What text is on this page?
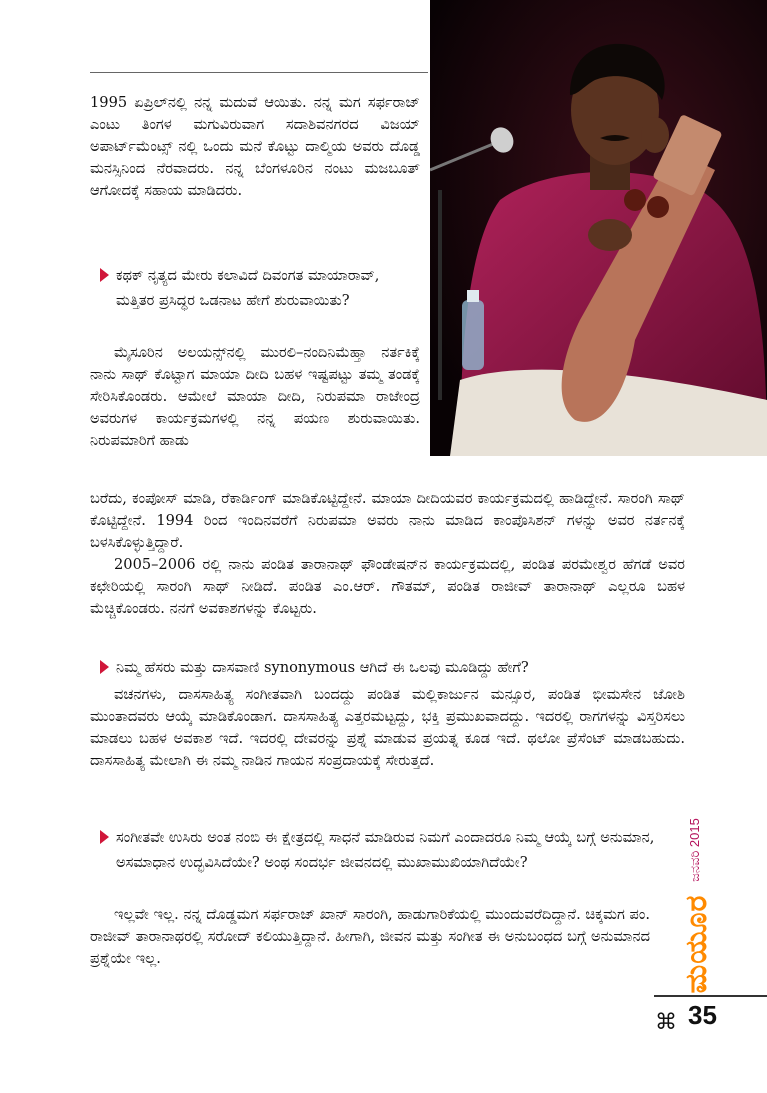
1995 ಏಪ್ರಿಲ್‌ನಲ್ಲಿ ನನ್ನ ಮದುವೆ ಆಯಿತು. ನನ್ನ ಮಗ ಸರ್ಫರಾಜ್ ಎಂಟು ತಿಂಗಳ ಮಗುವಿರುವಾಗ ಸದಾಶಿವನಗರದ ವಿಜಯ್ ಅಪಾರ್ಟ್‌ಮೆಂಟ್ಸ್ ನಲ್ಲಿ ಒಂದು ಮನೆ ಕೊಟ್ಟು ದಾಲ್ಮಿಯ ಅವರು ದೊಡ್ಡ ಮನಸ್ಸಿನಿಂದ ನೆರವಾದರು. ನನ್ನ ಬೆಂಗಳೂರಿನ ನಂಟು ಮಜಬೂತ್ ಆಗೋದಕ್ಕೆ ಸಹಾಯ ಮಾಡಿದರು.

ಕಥಕ್ ನೃತ್ಯದ ಮೇರು ಕಲಾವಿದೆ ದಿವಂಗತ ಮಾಯಾರಾವ್, ಮತ್ತಿತರ ಪ್ರಸಿದ್ಧರ ಒಡನಾಟ ಹೇಗೆ ಶುರುವಾಯಿತು?

ಮೈಸೂರಿನ ಅಲಯನ್ಸ್‌ನಲ್ಲಿ ಮುರಲಿ–ನಂದಿನಿಮೆಹ್ತಾ ನರ್ತಕಿಕ್ಕೆ ನಾನು ಸಾಥ್ ಕೊಟ್ಟಾಗ ಮಾಯಾ ದೀದಿ ಬಹಳ ಇಷ್ಟಪಟ್ಟು ತಮ್ಮ ತಂಡಕ್ಕೆ ಸೇರಿಸಿಕೊಂಡರು. ಆಮೇಲೆ ಮಾಯಾ ದೀದಿ, ನಿರುಪಮಾ ರಾಜೇಂದ್ರ ಅವರುಗಳ ಕಾರ್ಯಕ್ರಮಗಳಲ್ಲಿ ನನ್ನ ಪಯಣ ಶುರುವಾಯಿತು. ನಿರುಪಮಾರಿಗೆ ಹಾಡು

ಬರೆದು, ಕಂಪೋಸ್ ಮಾಡಿ, ರೆಕಾರ್ಡಿಂಗ್ ಮಾಡಿಕೊಟ್ಟಿದ್ದೇನೆ. ಮಾಯಾ ದೀದಿಯವರ ಕಾರ್ಯಕ್ರಮದಲ್ಲಿ ಹಾಡಿದ್ದೇನೆ. ಸಾರಂಗಿ ಸಾಥ್ ಕೊಟ್ಟಿದ್ದೇನೆ. 1994 ರಿಂದ ಇಂದಿನವರೆಗೆ ನಿರುಪಮಾ ಅವರು ನಾನು ಮಾಡಿದ ಕಾಂಪೊಸಿಶನ್ ಗಳನ್ನು ಅವರ ನರ್ತನಕ್ಕೆ ಬಳಸಿಕೊಳ್ಳುತ್ತಿದ್ದಾರೆ.

2005–2006 ರಲ್ಲಿ ನಾನು ಪಂಡಿತ ತಾರಾನಾಥ್ ಫೌಂಡೇಷನ್‌ನ ಕಾರ್ಯಕ್ರಮದಲ್ಲಿ, ಪಂಡಿತ ಪರಮೇಶ್ವರ ಹೆಗಡೆ ಅವರ ಕಛೇರಿಯಲ್ಲಿ ಸಾರಂಗಿ ಸಾಥ್ ನೀಡಿದೆ. ಪಂಡಿತ ಎಂ.ಆರ್. ಗೌತಮ್, ಪಂಡಿತ ರಾಜೀವ್ ತಾರಾನಾಥ್ ಎಲ್ಲರೂ ಬಹಳ ಮೆಚ್ಚಿಕೊಂಡರು. ನನಗೆ ಅವಕಾಶಗಳನ್ನು ಕೊಟ್ಟರು.

ನಿಮ್ಮ ಹೆಸರು ಮತ್ತು ದಾಸವಾಣಿ synonymous ಆಗಿದೆ ಈ ಒಲವು ಮೂಡಿದ್ದು ಹೇಗೆ?

ವಚನಗಳು, ದಾಸಸಾಹಿತ್ಯ ಸಂಗೀತವಾಗಿ ಬಂದದ್ದು ಪಂಡಿತ ಮಲ್ಲಿಕಾರ್ಜುನ ಮನ್ಸೂರ, ಪಂಡಿತ ಭೀಮಸೇನ ಜೋಶಿ ಮುಂತಾದವರು ಆಯ್ಕೆ ಮಾಡಿಕೊಂಡಾಗ. ದಾಸಸಾಹಿತ್ಯ ಎತ್ತರಮಟ್ಟದ್ದು, ಭಕ್ತಿ ಪ್ರಮುಖವಾದದ್ದು. ಇದರಲ್ಲಿ ರಾಗಗಳನ್ನು ವಿಸ್ತರಿಸಲು ಮಾಡಲು ಬಹಳ ಅವಕಾಶ ಇದೆ. ಇದರಲ್ಲಿ ದೇವರನ್ನು ಪ್ರಶ್ನೆ ಮಾಡುವ ಪ್ರಯತ್ನ ಕೂಡ ಇದೆ. ಥಲೋ ಪ್ರೆಸೆಂಟ್ ಮಾಡಬಹುದು. ದಾಸಸಾಹಿತ್ಯ ಮೇಲಾಗಿ ಈ ನಮ್ಮ ನಾಡಿನ ಗಾಯನ ಸಂಪ್ರದಾಯಕ್ಕೆ ಸೇರುತ್ತದೆ.

ಸಂಗೀತವೇ ಉಸಿರು ಅಂತ ನಂಬಿ ಈ ಕ್ಷೇತ್ರದಲ್ಲಿ ಸಾಧನೆ ಮಾಡಿರುವ ನಿಮಗೆ ಎಂದಾದರೂ ನಿಮ್ಮ ಆಯ್ಕೆ ಬಗ್ಗೆ ಅನುಮಾನ, ಅಸಮಾಧಾನ ಉದ್ಭವಿಸಿದೆಯೇ? ಅಂಥ ಸಂದರ್ಭ ಜೀವನದಲ್ಲಿ ಮುಖಾಮುಖಿಯಾಗಿದೆಯೇ?

ಇಲ್ಲವೇ ಇಲ್ಲ. ನನ್ನ ದೊಡ್ಡಮಗ ಸರ್ಫರಾಜ್ ಖಾನ್ ಸಾರಂಗಿ, ಹಾಡುಗಾರಿಕೆಯಲ್ಲಿ ಮುಂದುವರೆದಿದ್ದಾನೆ. ಚಿಕ್ಕಮಗ ಪಂ. ರಾಜೀವ್ ತಾರಾನಾಥರಲ್ಲಿ ಸರೋದ್ ಕಲಿಯುತ್ತಿದ್ದಾನೆ. ಹೀಗಾಗಿ, ಜೀವನ ಮತ್ತು ಸಂಗೀತ ಈ ಅನುಬಂಧದ ಬಗ್ಗೆ ಅನುಮಾನದ ಪ್ರಶ್ನೆಯೇ ಇಲ್ಲ.

ಜನವರಿ 2015
ಮಯೂರ
⌘ 35
